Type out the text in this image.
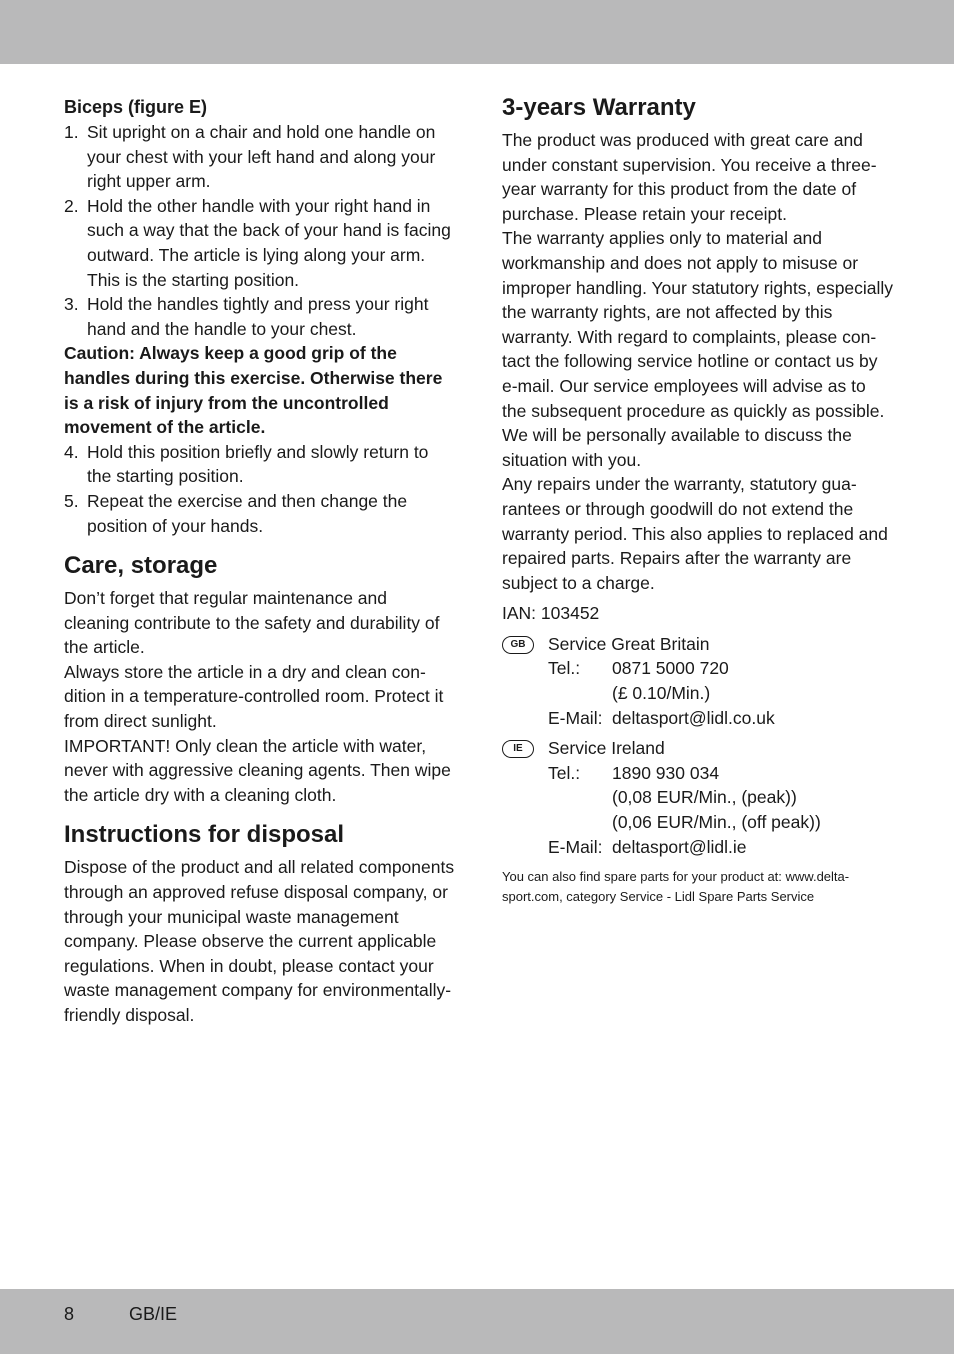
Biceps (figure E)
1. Sit upright on a chair and hold one handle on your chest with your left hand and along your right upper arm.
2. Hold the other handle with your right hand in such a way that the back of your hand is facing outward. The article is lying along your arm. This is the starting position.
3. Hold the handles tightly and press your right hand and the handle to your chest.

Caution: Always keep a good grip of the handles during this exercise. Otherwise there is a risk of injury from the uncontrolled movement of the article.

4. Hold this position briefly and slowly return to the starting position.
5. Repeat the exercise and then change the position of your hands.
Care, storage

Don’t forget that regular maintenance and cleaning contribute to the safety and durability of the article.

Always store the article in a dry and clean condition in a temperature-controlled room. Protect it from direct sunlight.

IMPORTANT! Only clean the article with water, never with aggressive cleaning agents. Then wipe the article dry with a cleaning cloth.

Instructions for disposal

Dispose of the product and all related components through an approved refuse disposal company, or through your municipal waste management company. Please observe the current applicable regulations. When in doubt, please contact your waste management company for environmentally-friendly disposal.

3-years Warranty

The product was produced with great care and under constant supervision. You receive a three-year warranty for this product from the date of purchase. Please retain your receipt.

The warranty applies only to material and workmanship and does not apply to misuse or improper handling. Your statutory rights, especially the warranty rights, are not affected by this warranty. With regard to complaints, please contact the following service hotline or contact us by e-mail. Our service employees will advise as to the subsequent procedure as quickly as possible. We will be personally available to discuss the situation with you.

Any repairs under the warranty, statutory guarantees or through goodwill do not extend the warranty period. This also applies to replaced and repaired parts. Repairs after the warranty are subject to a charge.

IAN: 103452

GB	Service Great Britain
Tel.:	0871 5000 720
(£ 0.10/Min.)
E-Mail: deltasport@lidl.co.uk
IE	Service Ireland
Tel.:	1890 930 034
(0,08 EUR/Min., (peak))
(0,06 EUR/Min., (off peak))
E-Mail: deltasport@lidl.ie

You can also find spare parts for your product at: www.delta-sport.com, category Service - Lidl Spare Parts Service

8	GB/IE
